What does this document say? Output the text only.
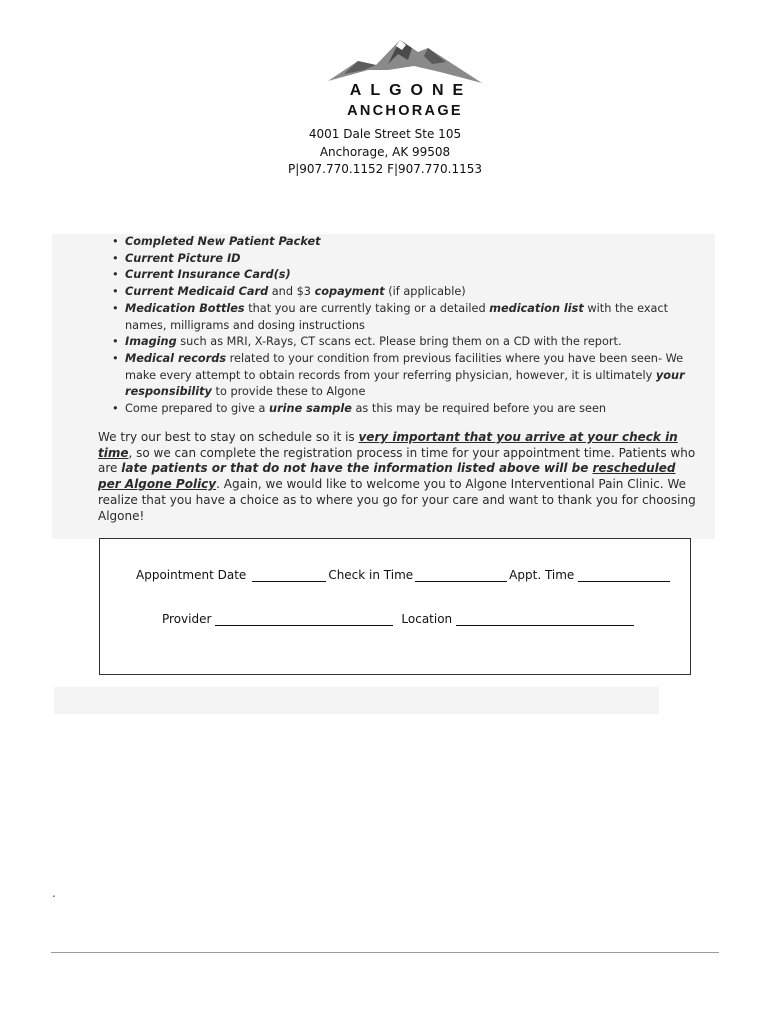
ALGONE
ANCHORAGE
4001 Dale Street Ste 105
Anchorage, AK 99508
P|907.770.1152 F|907.770.1153
• Completed New Patient Packet
• Current Picture ID
• Current Insurance Card(s)
• Current Medicaid Card and $3 copayment (if applicable)
• Medication Bottles that you are currently taking or a detailed medication list with the exact names, milligrams and dosing instructions
• Imaging such as MRI, X-Rays, CT scans ect. Please bring them on a CD with the report.
• Medical records related to your condition from previous facilities where you have been seen- We make every attempt to obtain records from your referring physician, however, it is ultimately your responsibility to provide these to Algone
• Come prepared to give a urine sample as this may be required before you are seen
We try our best to stay on schedule so it is very important that you arrive at your check in time, so we can complete the registration process in time for your appointment time. Patients who are late patients or that do not have the information listed above will be rescheduled per Algone Policy. Again, we would like to welcome you to Algone Interventional Pain Clinic. We realize that you have a choice as to where you go for your care and want to thank you for choosing Algone!
Appointment Date	Check in Time	Appt. Time
Provider	Location
.
